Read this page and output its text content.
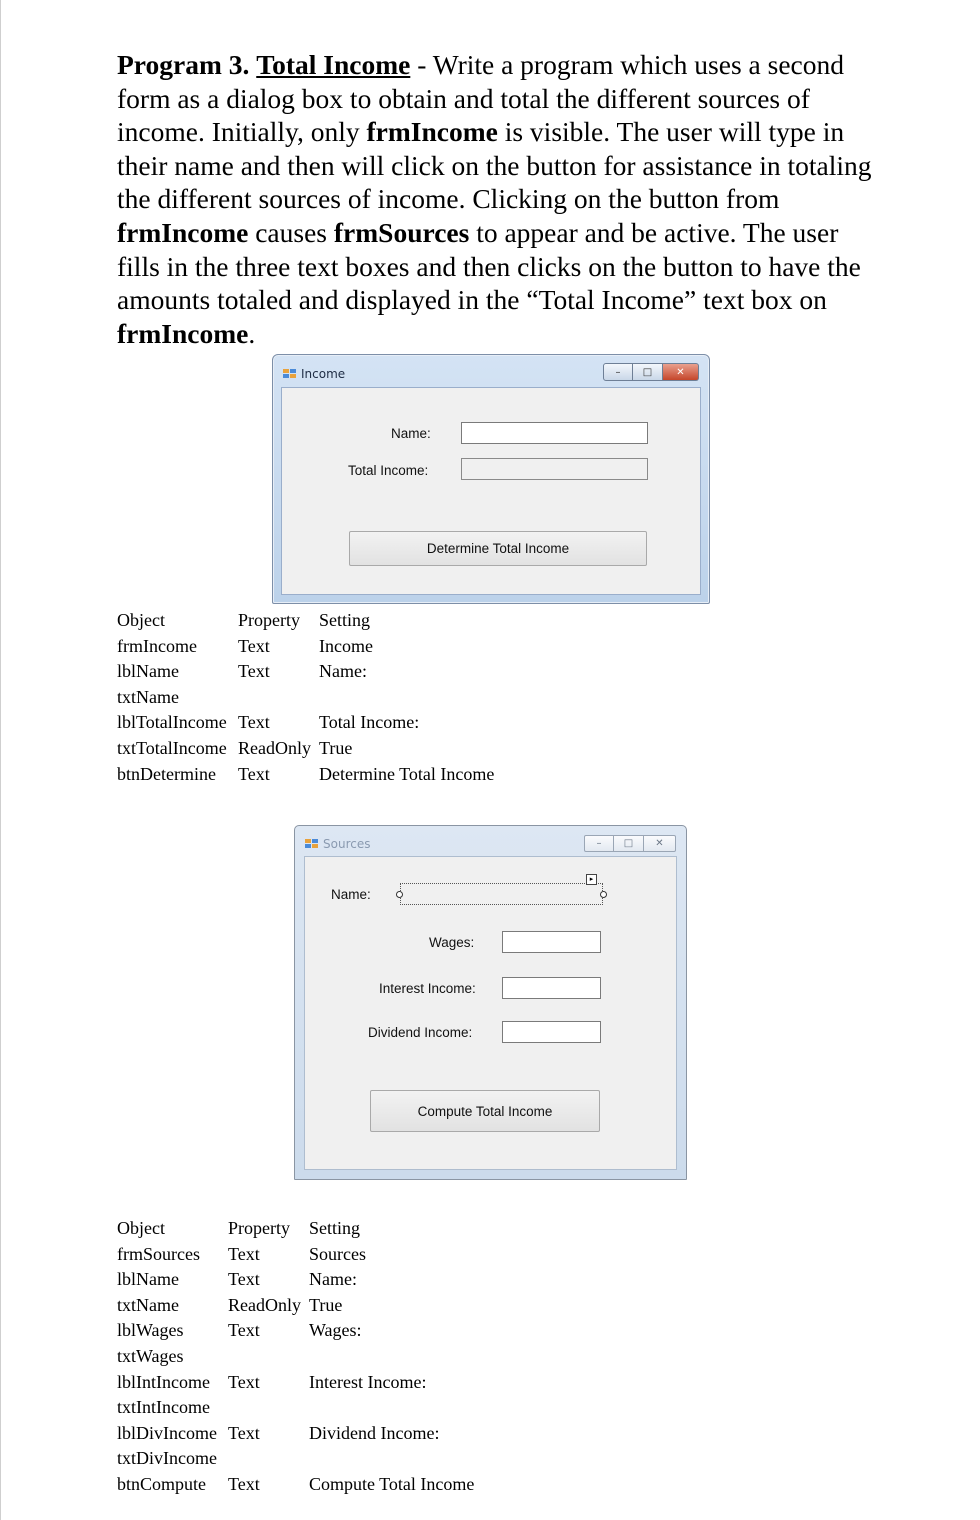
Program 3. Total Income - Write a program which uses a second form as a dialog box to obtain and total the different sources of income. Initially, only frmIncome is visible. The user will type in their name and then will click on the button for assistance in totaling the different sources of income. Clicking on the button from frmIncome causes frmSources to appear and be active. The user fills in the three text boxes and then clicks on the button to have the amounts totaled and displayed in the “Total Income” text box on frmIncome.

Income	–	□	✕
Name:
Total Income:
Determine Total Income
Object	Property	Setting
frmIncome	Text	Income
lblName	Text	Name:
txtName		
lblTotalIncome	Text	Total Income:
txtTotalIncome	ReadOnly	True
btnDetermine	Text	Determine Total Income
Sources	–	□	✕
Name:
▸
Wages:
Interest Income:
Dividend Income:
Compute Total Income
Object	Property	Setting
frmSources	Text	Sources
lblName	Text	Name:
txtName	ReadOnly	True
lblWages	Text	Wages:
txtWages		
lblIntIncome	Text	Interest Income:
txtIntIncome		
lblDivIncome	Text	Dividend Income:
txtDivIncome		
btnCompute	Text	Compute Total Income
